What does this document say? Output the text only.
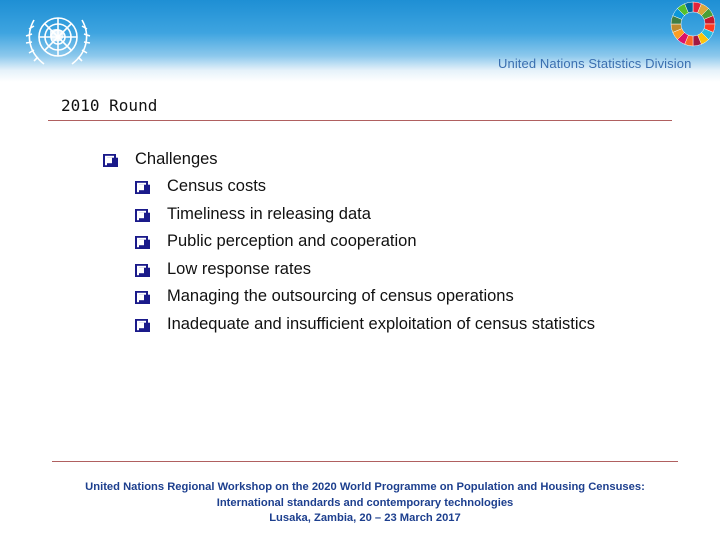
United Nations Statistics Division
2010 Round
Challenges
Census costs
Timeliness in releasing data
Public perception and cooperation
Low response rates
Managing the outsourcing of census operations
Inadequate and insufficient exploitation of census statistics
United Nations Regional Workshop on the 2020 World Programme on Population and Housing Censuses:
International standards and contemporary technologies
Lusaka, Zambia, 20 – 23 March 2017
